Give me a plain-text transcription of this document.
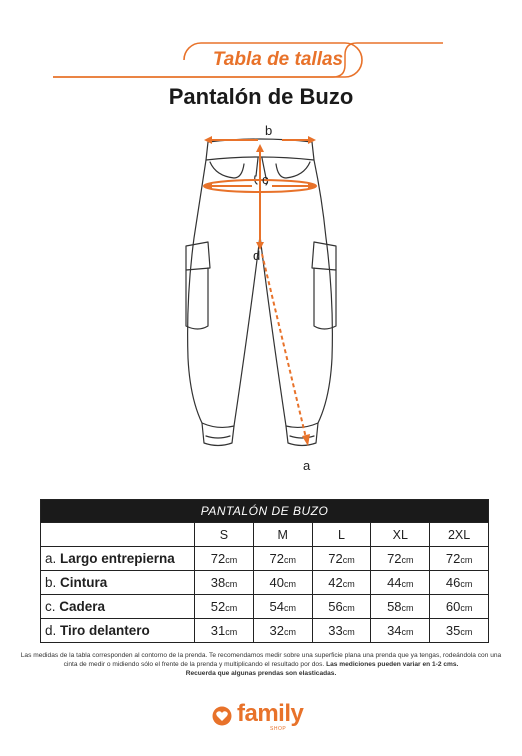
Tabla de tallas
Pantalón de Buzo
b
c
d
a
PANTALÓN DE BUZO					
	S	M	L	XL	2XL
a. Largo entrepierna	72cm	72cm	72cm	72cm	72cm
b. Cintura	38cm	40cm	42cm	44cm	46cm
c. Cadera	52cm	54cm	56cm	58cm	60cm
d. Tiro delantero	31cm	32cm	33cm	34cm	35cm
Las medidas de la tabla corresponden al contorno de la prenda. Te recomendamos medir sobre una superficie plana una prenda que ya tengas, rodeándola con una cinta de medir o midiendo sólo el frente de la prenda y multiplicando el resultado por dos. Las mediciones pueden variar en 1-2 cms.
Recuerda que algunas prendas son elasticadas.
family
SHOP
